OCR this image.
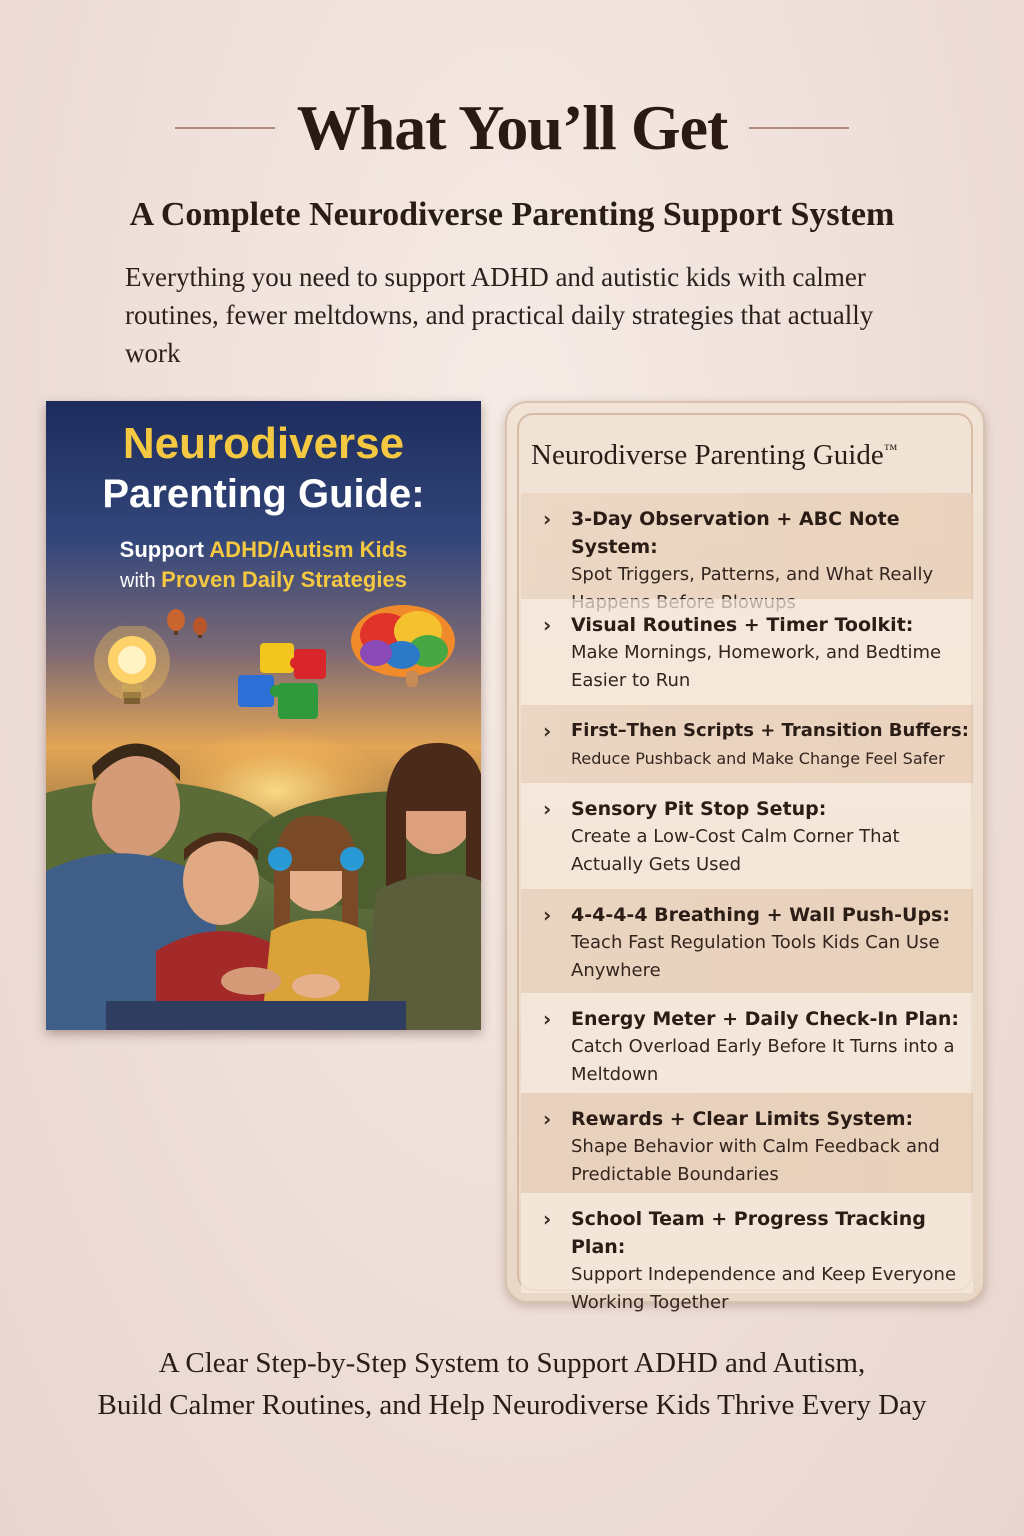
What You’ll Get
A Complete Neurodiverse Parenting Support System
Everything you need to support ADHD and autistic kids with calmer routines, fewer meltdowns, and practical daily strategies that actually work
Neurodiverse
Parenting Guide:
Support ADHD/Autism Kids
with Proven Daily Strategies
Neurodiverse Parenting Guide™
› 3-Day Observation + ABC Note System:
Spot Triggers, Patterns, and What Really
› Visual Routines + Timer Toolkit:
Make Mornings, Homework, and Bedtime Easier to Run
› First–Then Scripts + Transition Buffers:
Reduce Pushback and Make Change Feel Safer
› Sensory Pit Stop Setup:
Create a Low-Cost Calm Corner That Actually Gets Used
› 4-4-4-4 Breathing + Wall Push-Ups:
Teach Fast Regulation Tools Kids Can Use Anywhere
› Energy Meter + Daily Check-In Plan:
Catch Overload Early Before It Turns into a Meltdown
› Rewards + Clear Limits System:
Shape Behavior with Calm Feedback and Predictable Boundaries
› School Team + Progress Tracking Plan:
Support Independence and Keep Everyone Working Together
A Clear Step-by-Step System to Support ADHD and Autism,
Build Calmer Routines, and Help Neurodiverse Kids Thrive Every Day
